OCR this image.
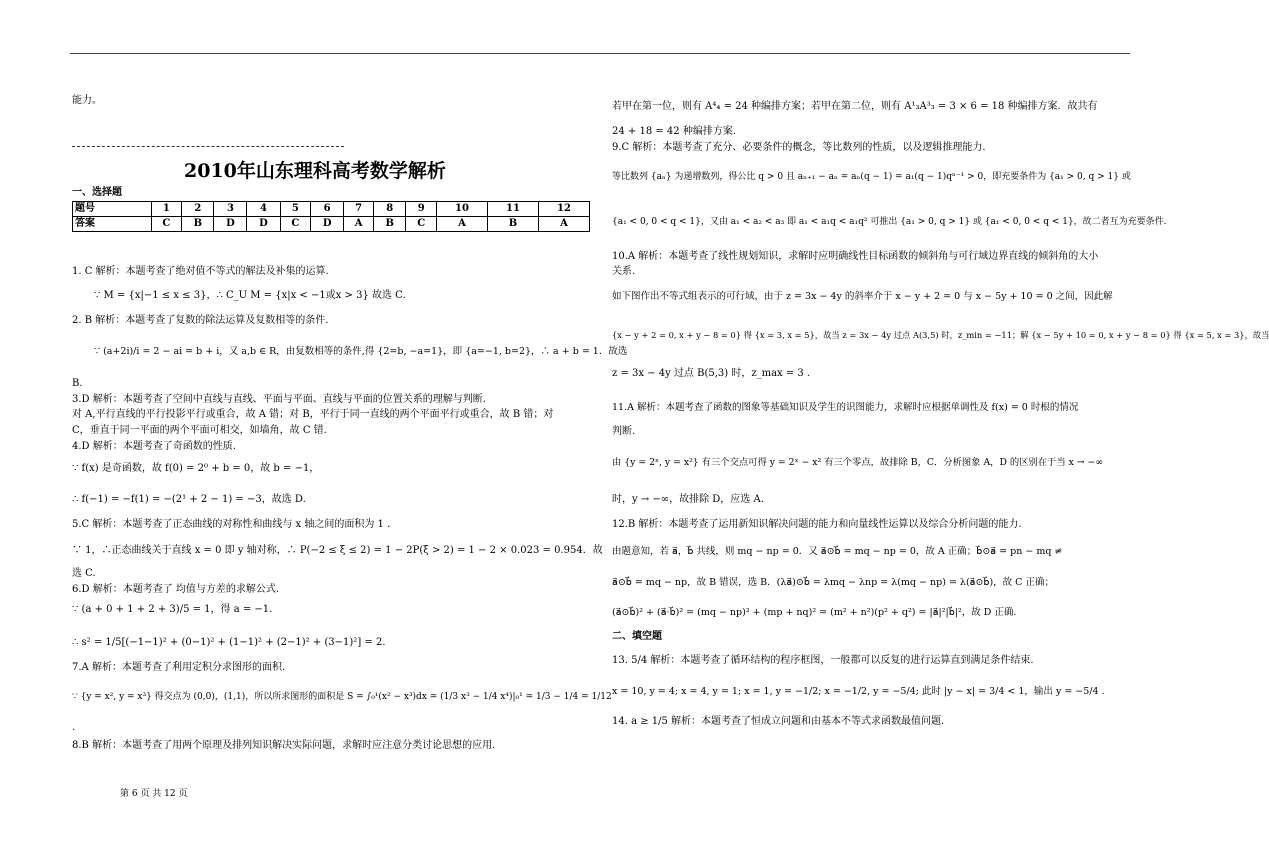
能力。
2010年山东理科高考数学解析
一、选择题
题号	1	2	3	4	5	6	7	8	9	10	11	12
答案	C	B	D	D	C	D	A	B	C	A	B	A
1. C 解析：本题考查了绝对值不等式的解法及补集的运算.
∵ M = {x|−1 ≤ x ≤ 3}，∴ C_U M = {x|x < −1或x > 3} 故选 C.
2. B 解析：本题考查了复数的除法运算及复数相等的条件.
∵ (a+2i)/i = 2 − ai = b + i，又 a,b ∈ R，由复数相等的条件,得 {2=b, −a=1}，即 {a=−1, b=2}，∴ a + b = 1．故选
B.
3.D 解析：本题考查了空间中直线与直线、平面与平面、直线与平面的位置关系的理解与判断.
对 A,平行直线的平行投影平行或重合，故 A 错；对 B，平行于同一直线的两个平面平行或重合，故 B 错；对
C，垂直于同一平面的两个平面可相交，如墙角，故 C 错.
4.D 解析：本题考查了奇函数的性质.
∵ f(x) 是奇函数，故 f(0) = 2⁰ + b = 0，故 b = −1，
∴ f(−1) = −f(1) = −(2¹ + 2 − 1) = −3，故选 D.
5.C 解析：本题考查了正态曲线的对称性和曲线与 x 轴之间的面积为 1 .
∵ 1，∴正态曲线关于直线 x = 0 即 y 轴对称，∴ P(−2 ≤ ξ ≤ 2) = 1 − 2P(ξ > 2) = 1 − 2 × 0.023 = 0.954．故
选 C.
6.D 解析：本题考查了 均值与方差的求解公式.
∵ (a + 0 + 1 + 2 + 3)/5 = 1，得 a = −1.
∴ s² = 1/5[(−1−1)² + (0−1)² + (1−1)² + (2−1)² + (3−1)²] = 2．
7.A 解析：本题考查了利用定积分求图形的面积.
∵ {y = x², y = x³} 得交点为 (0,0)，(1,1)，所以所求图形的面积是 S = ∫₀¹(x² − x³)dx = (1/3 x³ − 1/4 x⁴)|₀¹ = 1/3 − 1/4 = 1/12
.
8.B 解析：本题考查了用两个原理及排列知识解决实际问题，求解时应注意分类讨论思想的应用.
若甲在第一位，则有 A⁴₄ = 24 种编排方案；若甲在第二位，则有 A¹₃A³₃ = 3 × 6 = 18 种编排方案．故共有
24 + 18 = 42 种编排方案.
9.C 解析：本题考查了充分、必要条件的概念，等比数列的性质，以及逻辑推理能力.
等比数列 {aₙ} 为递增数列，得公比 q > 0 且 aₙ₊₁ − aₙ = aₙ(q − 1) = a₁(q − 1)qⁿ⁻¹ > 0，即充要条件为 {a₁ > 0, q > 1} 或
{a₁ < 0, 0 < q < 1}，又由 a₁ < a₂ < a₃ 即 a₁ < a₁q < a₁q² 可推出 {a₁ > 0, q > 1} 或 {a₁ < 0, 0 < q < 1}，故二者互为充要条件.
10.A 解析：本题考查了线性规划知识，求解时应明确线性目标函数的倾斜角与可行域边界直线的倾斜角的大小
关系.
如下图作出不等式组表示的可行域，由于 z = 3x − 4y 的斜率介于 x − y + 2 = 0 与 x − 5y + 10 = 0 之间，因此解
{x − y + 2 = 0, x + y − 8 = 0} 得 {x = 3, x = 5}，故当 z = 3x − 4y 过点 A(3,5) 时，z_min = −11；解 {x − 5y + 10 = 0, x + y − 8 = 0} 得 {x = 5, x = 3}，故当
z = 3x − 4y 过点 B(5,3) 时，z_max = 3 .
11.A 解析：本题考查了函数的图象等基础知识及学生的识图能力，求解时应根据单调性及 f(x) = 0 时根的情况
判断.
由 {y = 2ˣ, y = x²} 有三个交点可得 y = 2ˣ − x² 有三个零点，故排除 B，C．分析图象 A，D 的区别在于当 x → −∞
时，y → −∞，故排除 D，应选 A.
12.B 解析：本题考查了运用新知识解决问题的能力和向量线性运算以及综合分析问题的能力.
由题意知，若 a⃗，b⃗ 共线，则 mq − np = 0．又 a⃗⊙b⃗ = mq − np = 0，故 A 正确；b⃗⊙a⃗ = pn − mq ≠
a⃗⊙b⃗ = mq − np，故 B 错误，选 B．(λa⃗)⊙b⃗ = λmq − λnp = λ(mq − np) = λ(a⃗⊙b⃗)，故 C 正确；
(a⃗⊙b⃗)² + (a⃗·b⃗)² = (mq − np)² + (mp + nq)² = (m² + n²)(p² + q²) = |a⃗|²|b⃗|²，故 D 正确.
二、填空题
13. 5/4 解析：本题考查了循环结构的程序框图，一般都可以反复的进行运算直到满足条件结束.
x = 10, y = 4; x = 4, y = 1; x = 1, y = −1/2; x = −1/2, y = −5/4; 此时 |y − x| = 3/4 < 1，输出 y = −5/4 .
14. a ≥ 1/5 解析：本题考查了恒成立问题和由基本不等式求函数最值问题.
第 6 页 共 12 页
